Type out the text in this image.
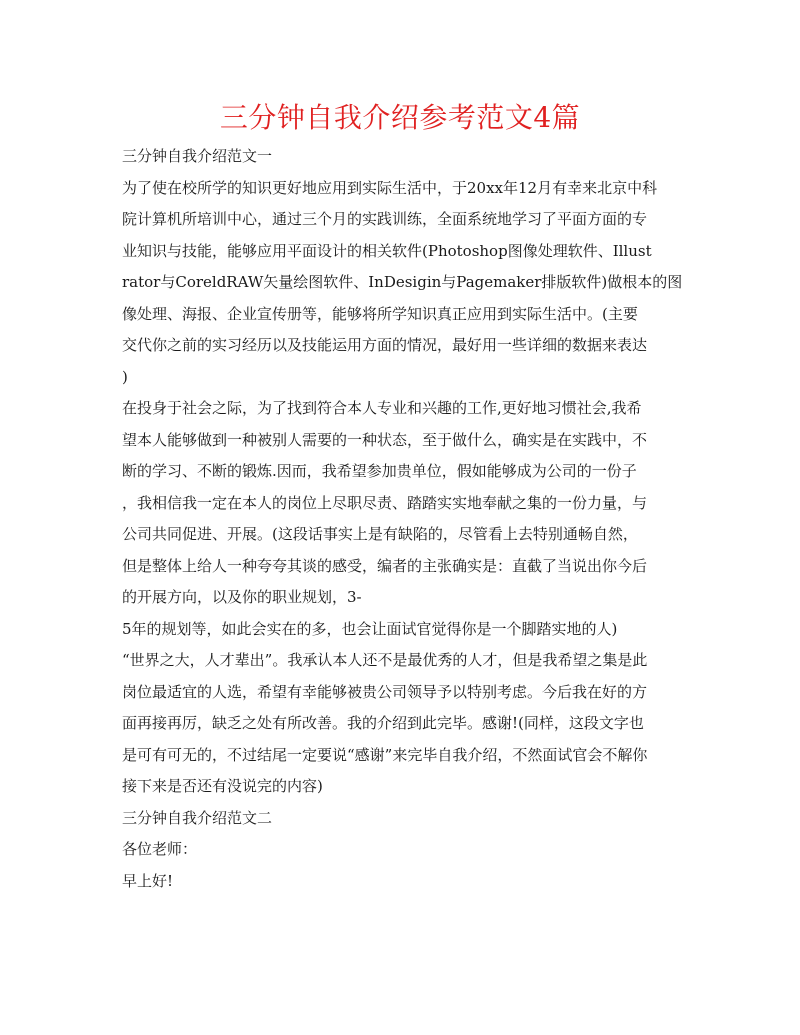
三分钟自我介绍参考范文4篇
三分钟自我介绍范文一
为了使在校所学的知识更好地应用到实际生活中，于20xx年12月有幸来北京中科
院计算机所培训中心，通过三个月的实践训练，全面系统地学习了平面方面的专
业知识与技能，能够应用平面设计的相关软件(Photoshop图像处理软件、Illust
rator与CoreldRAW矢量绘图软件、InDesigin与Pagemaker排版软件)做根本的图
像处理、海报、企业宣传册等，能够将所学知识真正应用到实际生活中。(主要
交代你之前的实习经历以及技能运用方面的情况，最好用一些详细的数据来表达
)
在投身于社会之际，为了找到符合本人专业和兴趣的工作,更好地习惯社会,我希
望本人能够做到一种被别人需要的一种状态，至于做什么，确实是在实践中，不
断的学习、不断的锻炼.因而，我希望参加贵单位，假如能够成为公司的一份子
，我相信我一定在本人的岗位上尽职尽责、踏踏实实地奉献之集的一份力量，与
公司共同促进、开展。(这段话事实上是有缺陷的，尽管看上去特别通畅自然，
但是整体上给人一种夸夸其谈的感受，编者的主张确实是：直截了当说出你今后
的开展方向，以及你的职业规划，3-
5年的规划等，如此会实在的多，也会让面试官觉得你是一个脚踏实地的人)
“世界之大，人才辈出”。我承认本人还不是最优秀的人才，但是我希望之集是此
岗位最适宜的人选，希望有幸能够被贵公司领导予以特别考虑。今后我在好的方
面再接再厉，缺乏之处有所改善。我的介绍到此完毕。感谢!(同样，这段文字也
是可有可无的，不过结尾一定要说“感谢”来完毕自我介绍，不然面试官会不解你
接下来是否还有没说完的内容)
三分钟自我介绍范文二
各位老师：
早上好!
